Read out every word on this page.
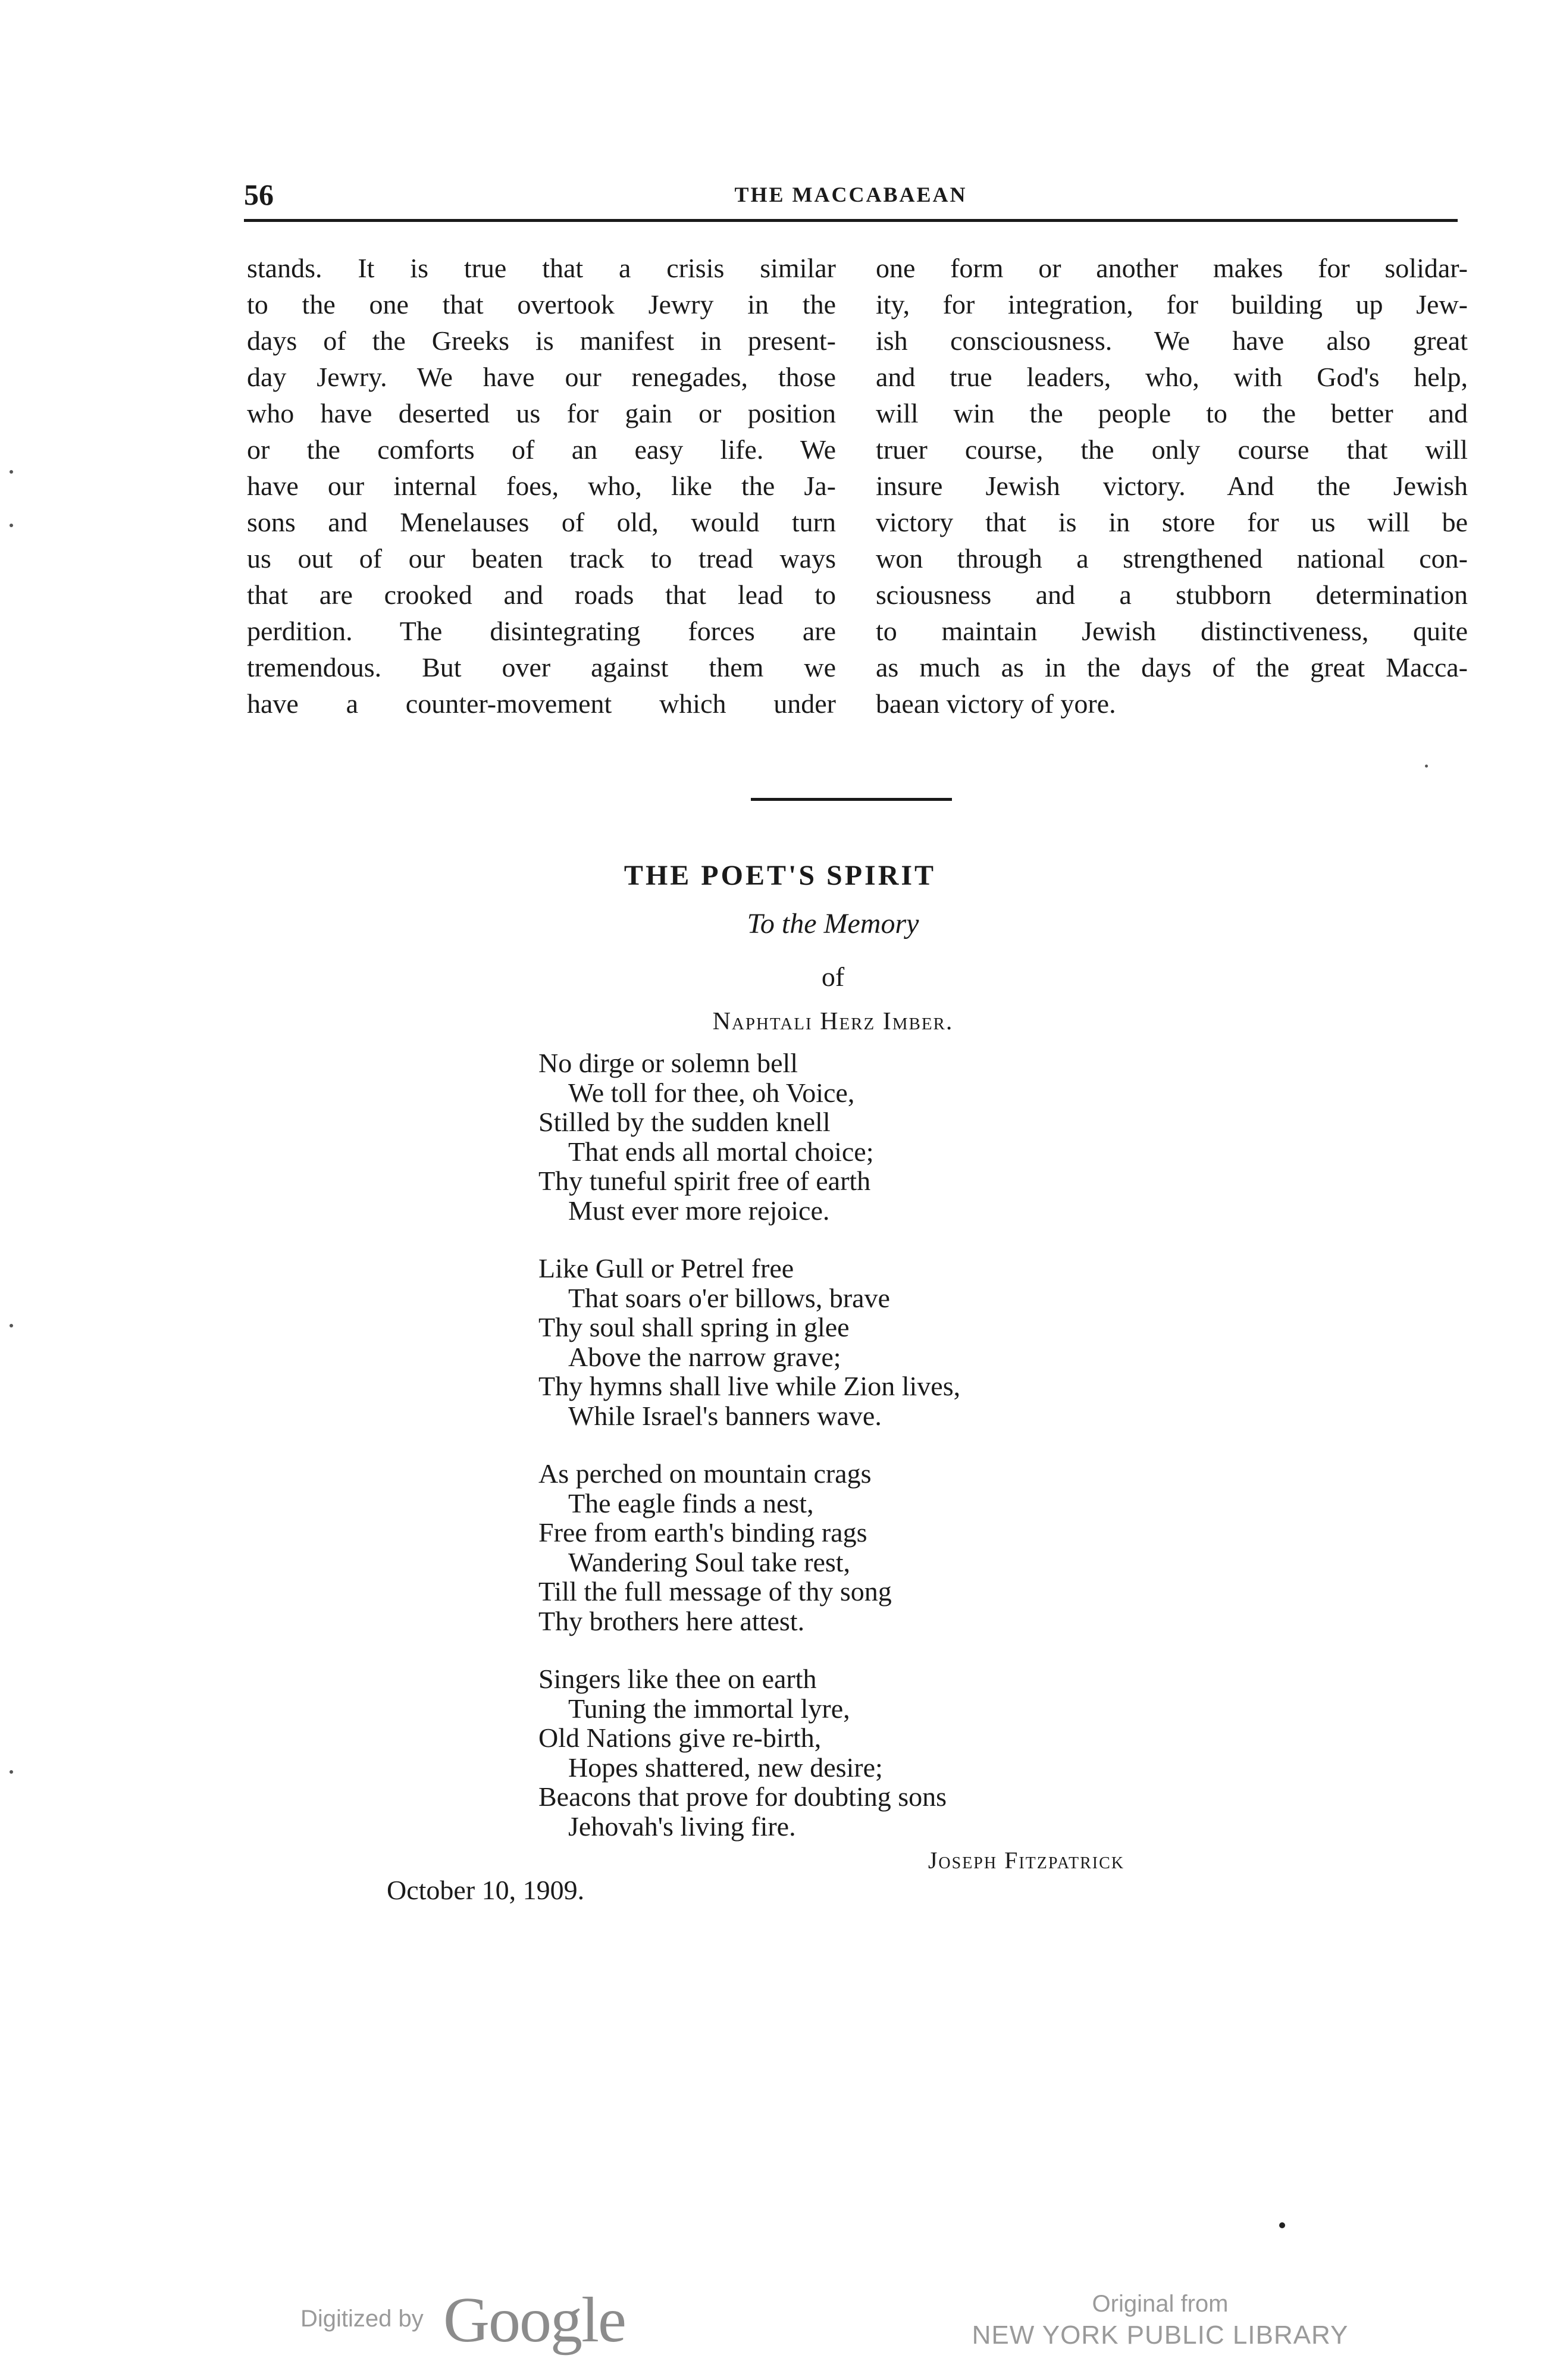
56	THE MACCABAEAN
stands. It is true that a crisis similar
to the one that overtook Jewry in the
days of the Greeks is manifest in present-
day Jewry. We have our renegades, those
who have deserted us for gain or position
or the comforts of an easy life. We
have our internal foes, who, like the Ja-
sons and Menelauses of old, would turn
us out of our beaten track to tread ways
that are crooked and roads that lead to
perdition. The disintegrating forces are
tremendous. But over against them we
have a counter-movement which under
one form or another makes for solidar-
ity, for integration, for building up Jew-
ish consciousness. We have also great
and true leaders, who, with God's help,
will win the people to the better and
truer course, the only course that will
insure Jewish victory. And the Jewish
victory that is in store for us will be
won through a strengthened national con-
sciousness and a stubborn determination
to maintain Jewish distinctiveness, quite
as much as in the days of the great Macca-
baean victory of yore.
THE POET'S SPIRIT
To the Memory
of
Naphtali Herz Imber.
No dirge or solemn bell
We toll for thee, oh Voice,
Stilled by the sudden knell
That ends all mortal choice;
Thy tuneful spirit free of earth
Must ever more rejoice.
Like Gull or Petrel free
That soars o'er billows, brave
Thy soul shall spring in glee
Above the narrow grave;
Thy hymns shall live while Zion lives,
While Israel's banners wave.
As perched on mountain crags
The eagle finds a nest,
Free from earth's binding rags
Wandering Soul take rest,
Till the full message of thy song
Thy brothers here attest.
Singers like thee on earth
Tuning the immortal lyre,
Old Nations give re-birth,
Hopes shattered, new desire;
Beacons that prove for doubting sons
Jehovah's living fire.
Joseph Fitzpatrick
October 10, 1909.
Digitized by Google	Original from
NEW YORK PUBLIC LIBRARY
